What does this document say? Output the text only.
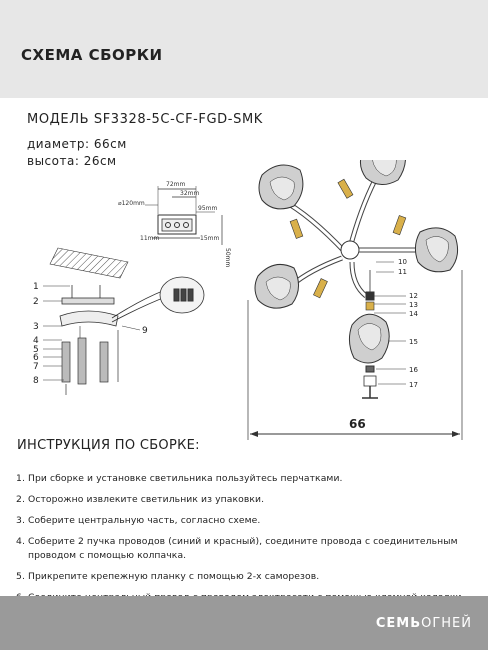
СХЕМА СБОРКИ
МОДЕЛЬ SF3328-5C-CF-FGD-SMK
диаметр: 66см
высота: 26см
72mm
32mm
⌀120mm
95mm
11mm	15mm
50mm
1
2
3
4
5
6
7
8
9
10
11
12
13
14
15
16
17
66
ИНСТРУКЦИЯ ПО СБОРКЕ:
1. При сборке и установке светильника пользуйтесь перчатками.
2. Осторожно извлеките светильник из упаковки.
3. Соберите центральную часть, согласно схеме.
4. Соберите 2 пучка проводов (синий и красный), соедините провода с соединительным
проводом с помощью колпачка.
5. Прикрепите крепежную планку с помощью 2-х саморезов.
СЕМЬОГНЕЙ
